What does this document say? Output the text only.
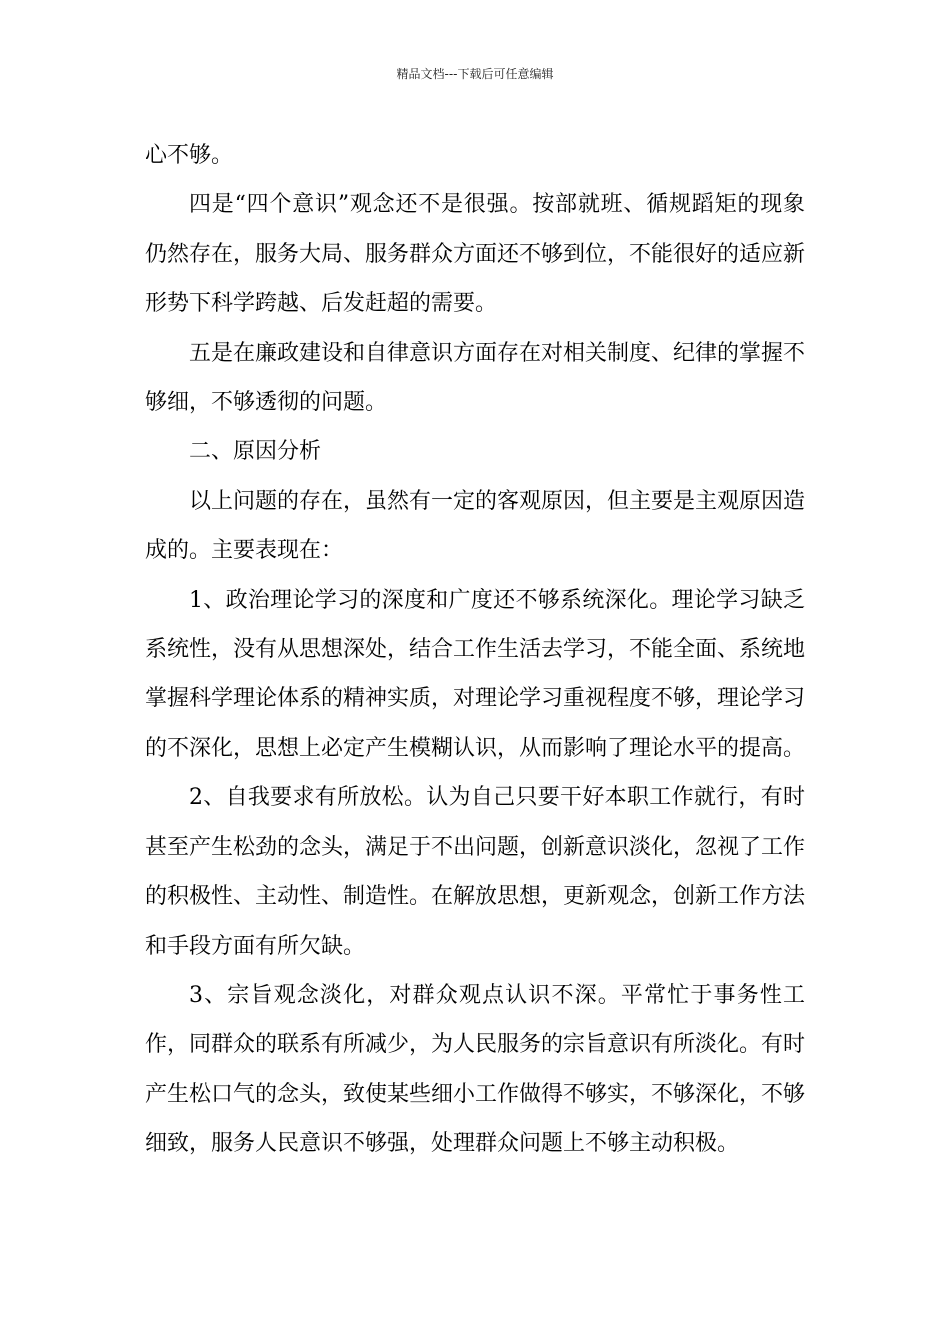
精品文档---下载后可任意编辑

心不够。

四是“四个意识”观念还不是很强。按部就班、循规蹈矩的现象仍然存在，服务大局、服务群众方面还不够到位，不能很好的适应新形势下科学跨越、后发赶超的需要。

五是在廉政建设和自律意识方面存在对相关制度、纪律的掌握不够细，不够透彻的问题。

二、原因分析

以上问题的存在，虽然有一定的客观原因，但主要是主观原因造成的。主要表现在：

1、政治理论学习的深度和广度还不够系统深化。理论学习缺乏系统性，没有从思想深处，结合工作生活去学习，不能全面、系统地掌握科学理论体系的精神实质，对理论学习重视程度不够，理论学习的不深化，思想上必定产生模糊认识，从而影响了理论水平的提高。

2、自我要求有所放松。认为自己只要干好本职工作就行，有时甚至产生松劲的念头，满足于不出问题，创新意识淡化，忽视了工作的积极性、主动性、制造性。在解放思想，更新观念，创新工作方法和手段方面有所欠缺。

3、宗旨观念淡化，对群众观点认识不深。平常忙于事务性工作，同群众的联系有所减少，为人民服务的宗旨意识有所淡化。有时产生松口气的念头，致使某些细小工作做得不够实，不够深化，不够细致，服务人民意识不够强，处理群众问题上不够主动积极。
